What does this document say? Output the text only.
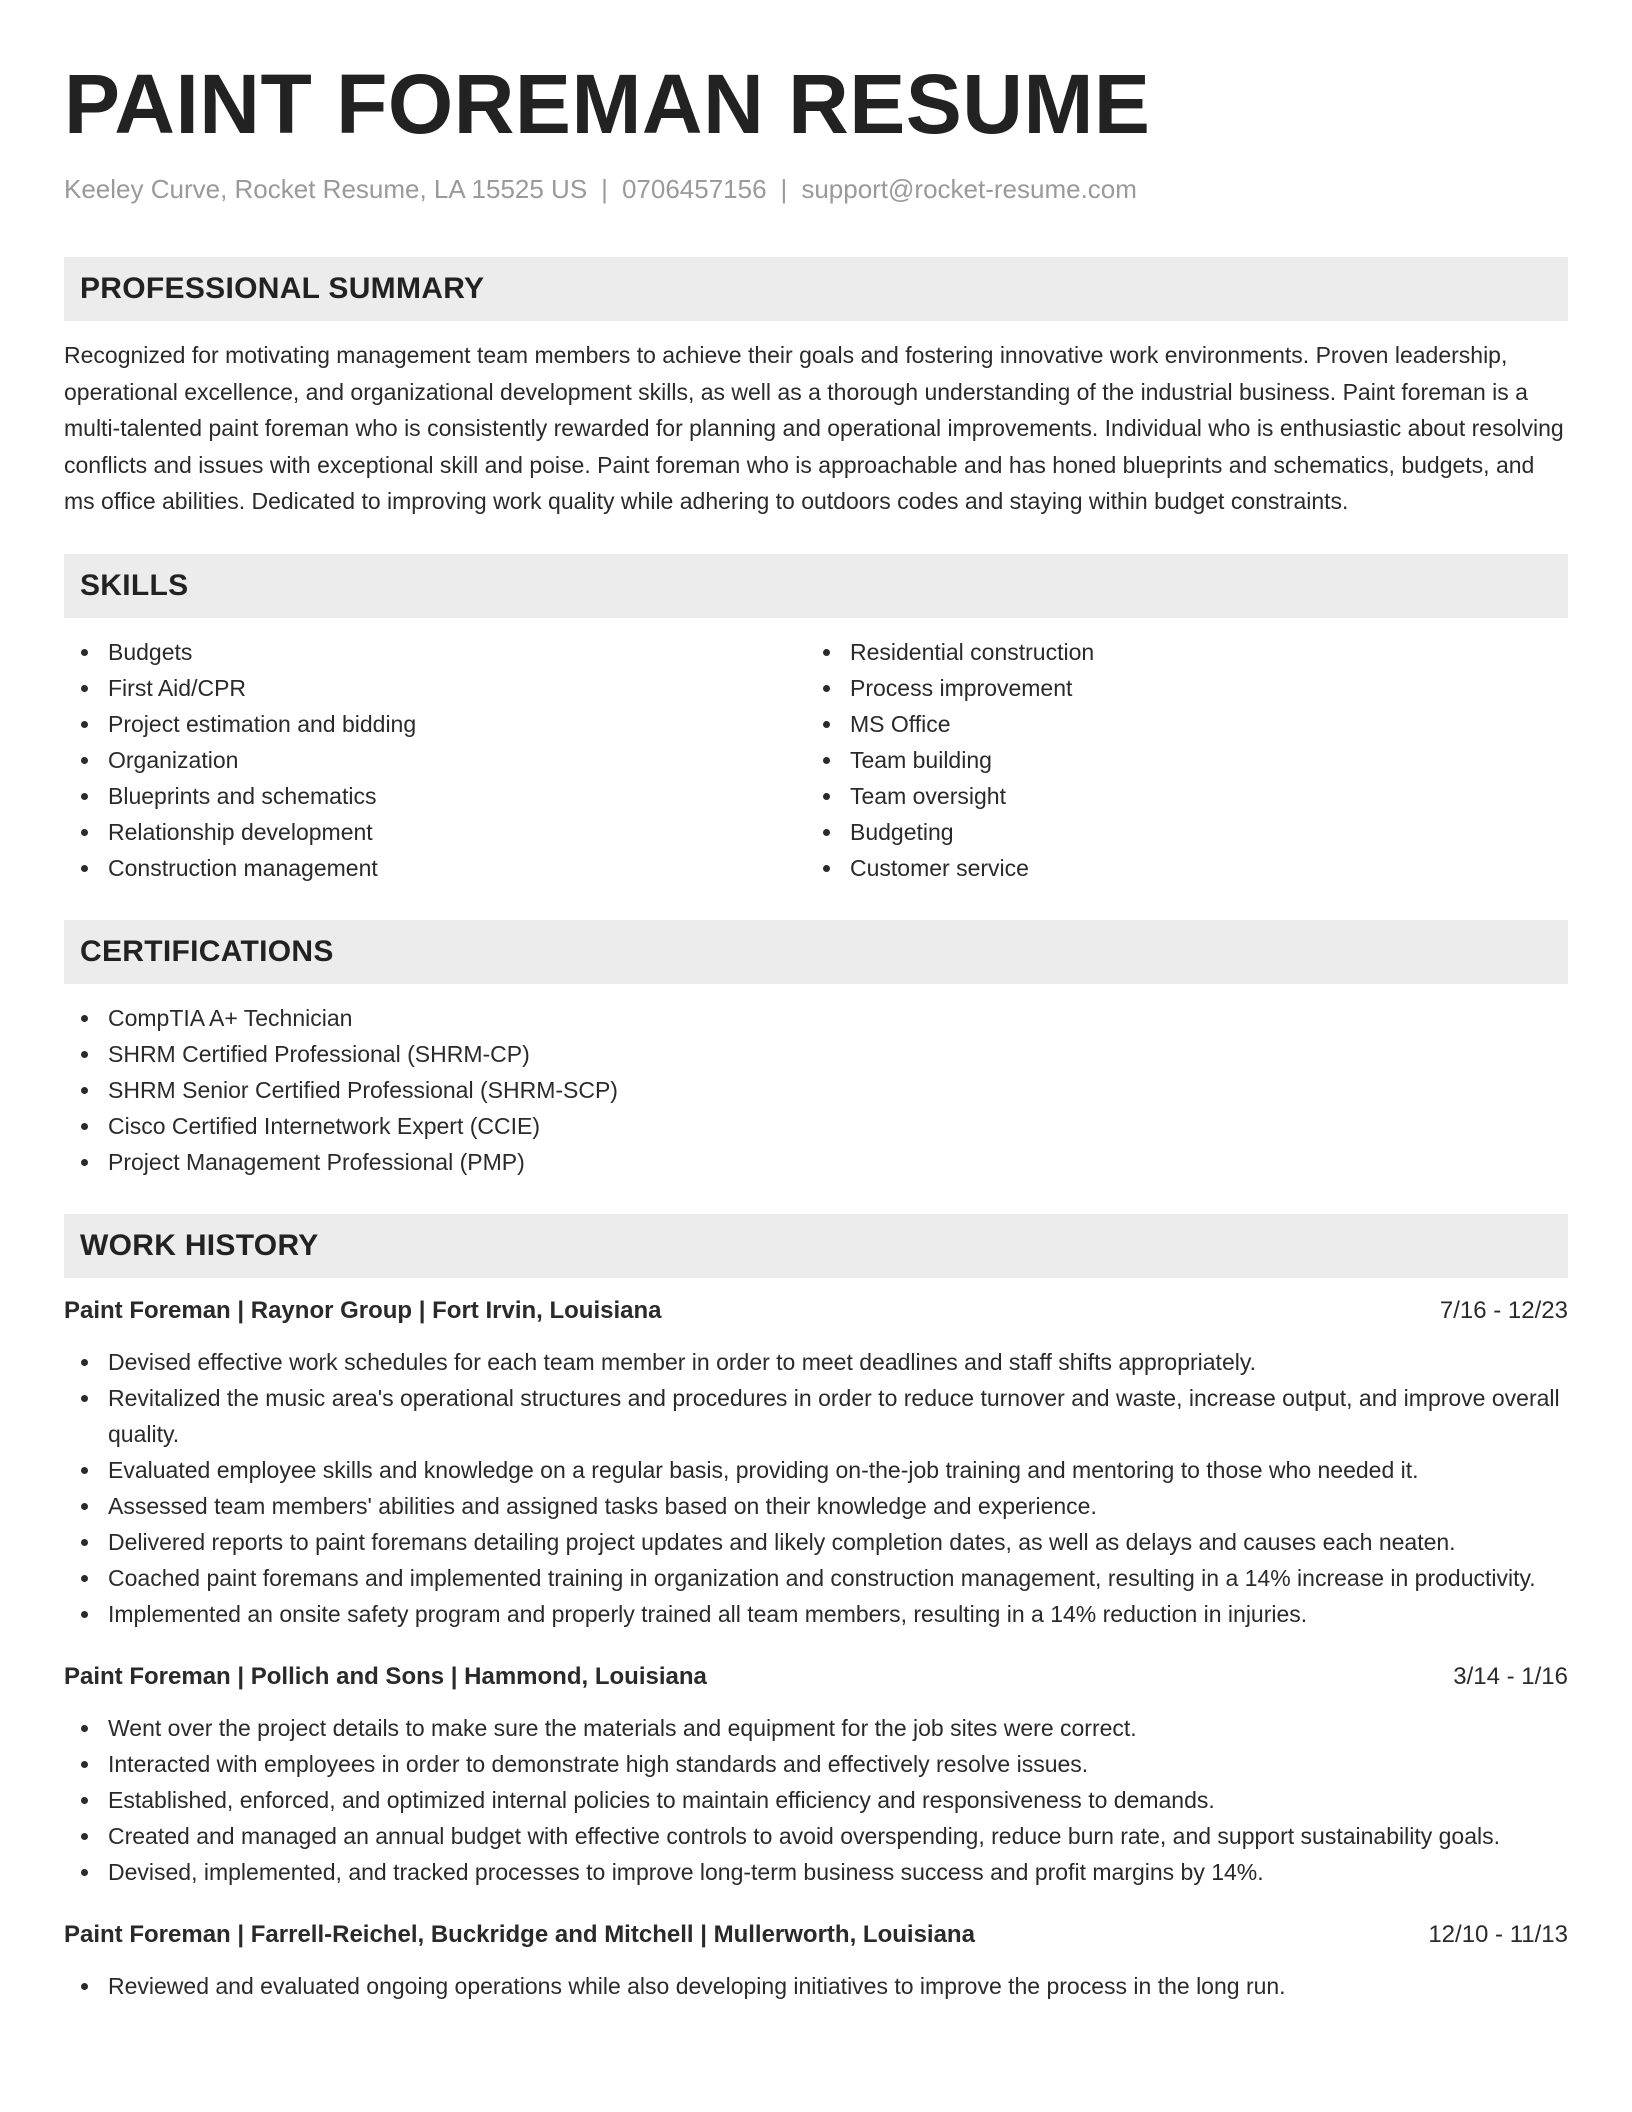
PAINT FOREMAN RESUME
Keeley Curve, Rocket Resume, LA 15525 US | 0706457156 | support@rocket-resume.com
PROFESSIONAL SUMMARY

Recognized for motivating management team members to achieve their goals and fostering innovative work environments. Proven leadership, operational excellence, and organizational development skills, as well as a thorough understanding of the industrial business. Paint foreman is a multi-talented paint foreman who is consistently rewarded for planning and operational improvements. Individual who is enthusiastic about resolving conflicts and issues with exceptional skill and poise. Paint foreman who is approachable and has honed blueprints and schematics, budgets, and ms office abilities. Dedicated to improving work quality while adhering to outdoors codes and staying within budget constraints.

SKILLS
Budgets
First Aid/CPR
Project estimation and bidding
Organization
Blueprints and schematics
Relationship development
Construction management
Residential construction
Process improvement
MS Office
Team building
Team oversight
Budgeting
Customer service
CERTIFICATIONS
CompTIA A+ Technician
SHRM Certified Professional (SHRM-CP)
SHRM Senior Certified Professional (SHRM-SCP)
Cisco Certified Internetwork Expert (CCIE)
Project Management Professional (PMP)
WORK HISTORY
Paint Foreman | Raynor Group | Fort Irvin, Louisiana	7/16 - 12/23
Devised effective work schedules for each team member in order to meet deadlines and staff shifts appropriately.
Revitalized the music area's operational structures and procedures in order to reduce turnover and waste, increase output, and improve overall quality.
Evaluated employee skills and knowledge on a regular basis, providing on-the-job training and mentoring to those who needed it.
Assessed team members' abilities and assigned tasks based on their knowledge and experience.
Delivered reports to paint foremans detailing project updates and likely completion dates, as well as delays and causes each neaten.
Coached paint foremans and implemented training in organization and construction management, resulting in a 14% increase in productivity.
Implemented an onsite safety program and properly trained all team members, resulting in a 14% reduction in injuries.
Paint Foreman | Pollich and Sons | Hammond, Louisiana	3/14 - 1/16
Went over the project details to make sure the materials and equipment for the job sites were correct.
Interacted with employees in order to demonstrate high standards and effectively resolve issues.
Established, enforced, and optimized internal policies to maintain efficiency and responsiveness to demands.
Created and managed an annual budget with effective controls to avoid overspending, reduce burn rate, and support sustainability goals.
Devised, implemented, and tracked processes to improve long-term business success and profit margins by 14%.
Paint Foreman | Farrell-Reichel, Buckridge and Mitchell | Mullerworth, Louisiana	12/10 - 11/13
Reviewed and evaluated ongoing operations while also developing initiatives to improve the process in the long run.
